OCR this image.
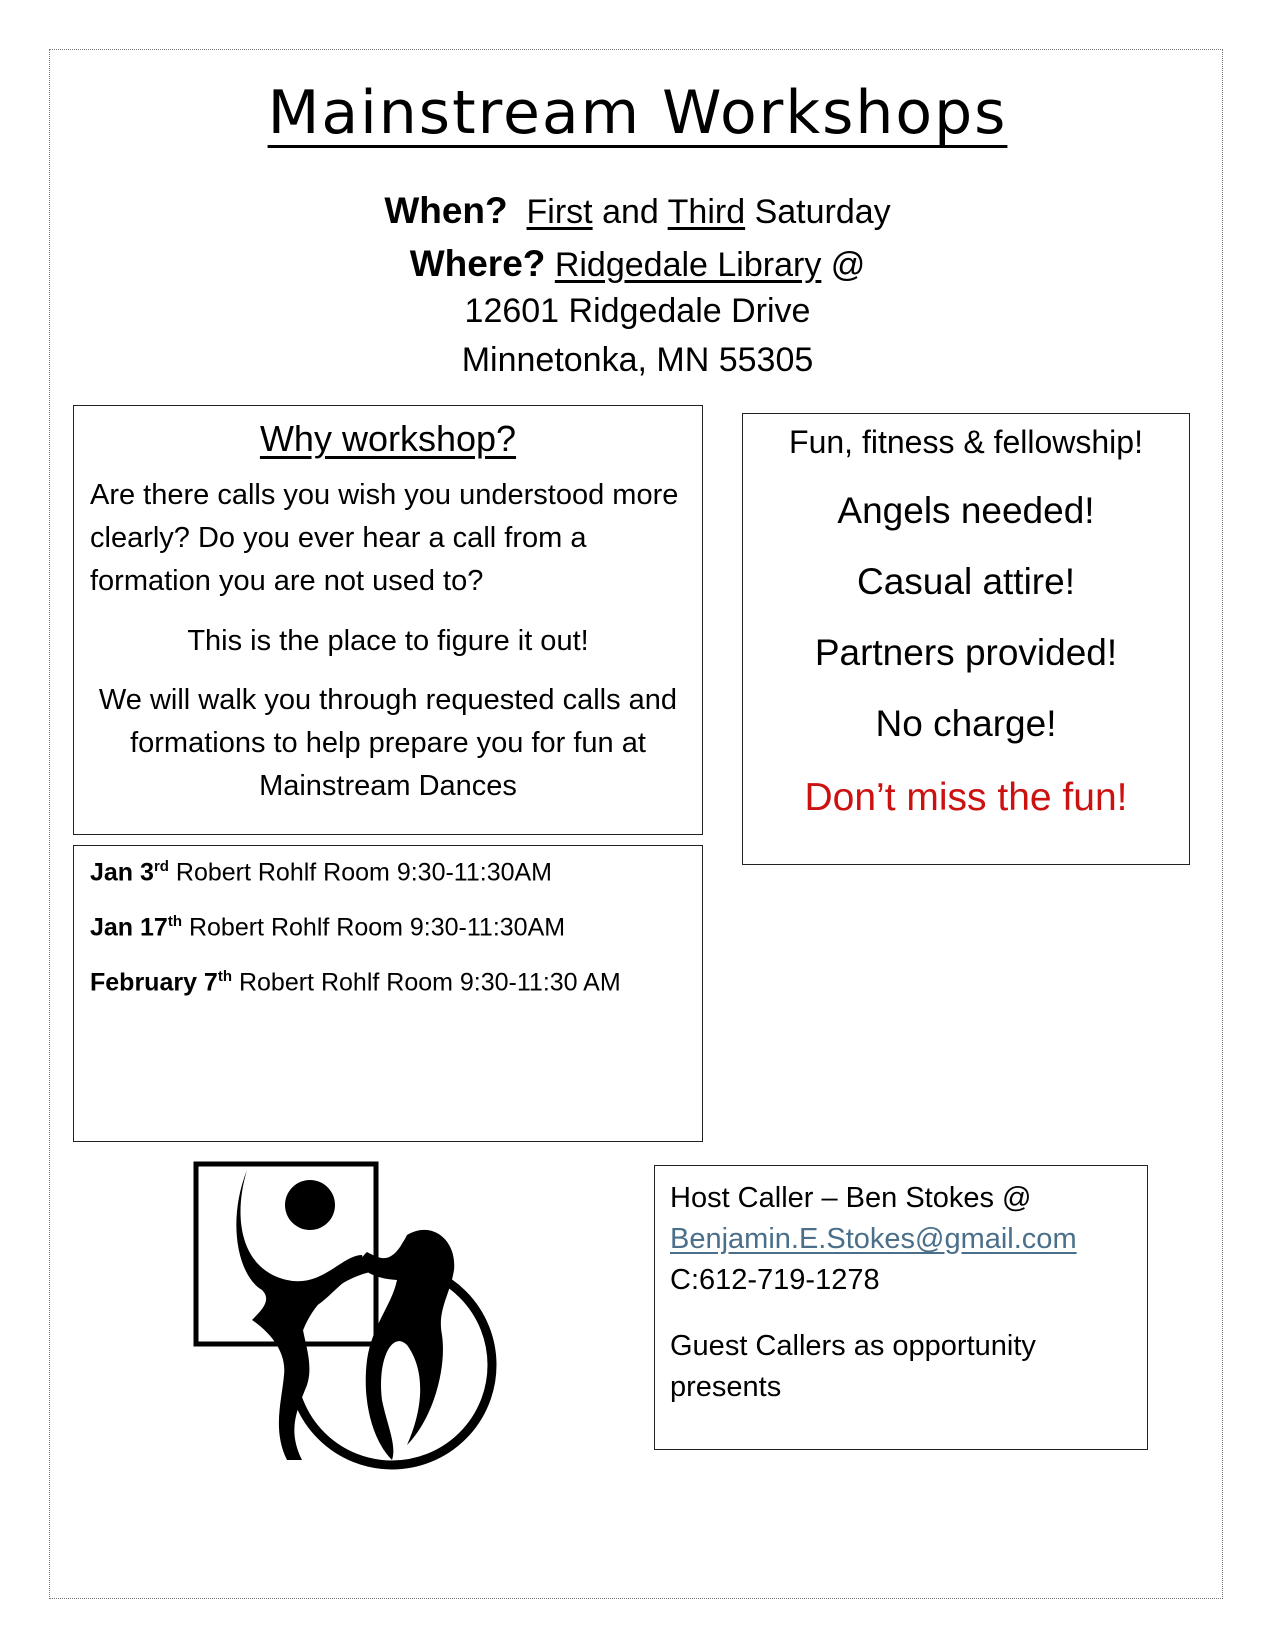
Mainstream Workshops
When? First and Third Saturday
Where? Ridgedale Library @
12601 Ridgedale Drive
Minnetonka, MN 55305
Why workshop?

Are there calls you wish you understood more clearly? Do you ever hear a call from a formation you are not used to?

This is the place to figure it out!

We will walk you through requested calls and formations to help prepare you for fun at Mainstream Dances

Fun, fitness & fellowship!
Angels needed!
Casual attire!
Partners provided!
No charge!
Don’t miss the fun!
Jan 3rd Robert Rohlf Room 9:30-11:30AM
Jan 17th Robert Rohlf Room 9:30-11:30AM
February 7th Robert Rohlf Room 9:30-11:30 AM

Host Caller – Ben Stokes @

Benjamin.E.Stokes@gmail.com

C:612-719-1278

Guest Callers as opportunity presents
